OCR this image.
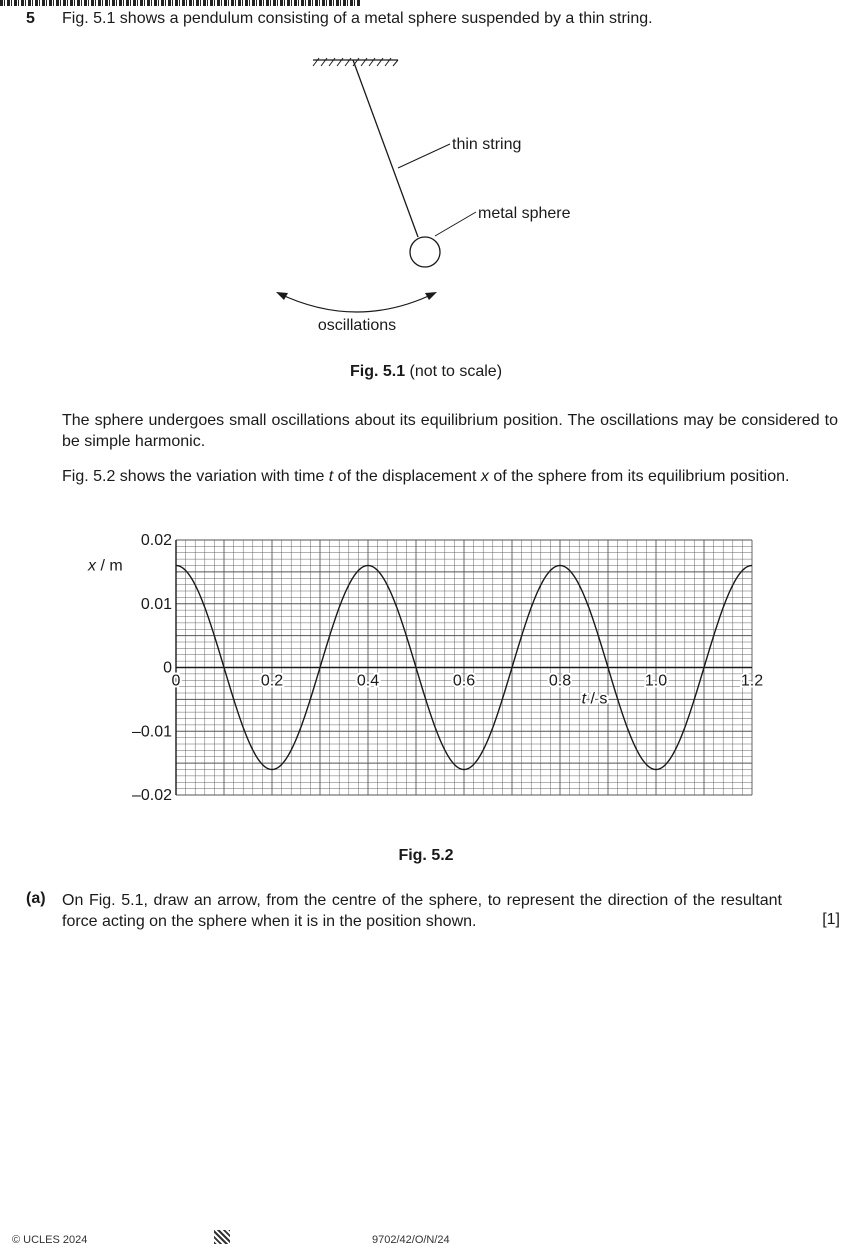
5 Fig. 5.1 shows a pendulum consisting of a metal sphere suspended by a thin string.
thin string
metal sphere
oscillations
Fig. 5.1 (not to scale)

The sphere undergoes small oscillations about its equilibrium position. The oscillations may be considered to be simple harmonic.

Fig. 5.2 shows the variation with time t of the displacement x of the sphere from its equilibrium position.

0.02
0.01
0
–0.01
–0.02
0	0.2	0.4	0.6	0.8	1.0	1.2
x / m
t / s
Fig. 5.2
(a) On Fig. 5.1, draw an arrow, from the centre of the sphere, to represent the direction of the resultant force acting on the sphere when it is in the position shown.	[1]
© UCLES 2024	9702/42/O/N/24
